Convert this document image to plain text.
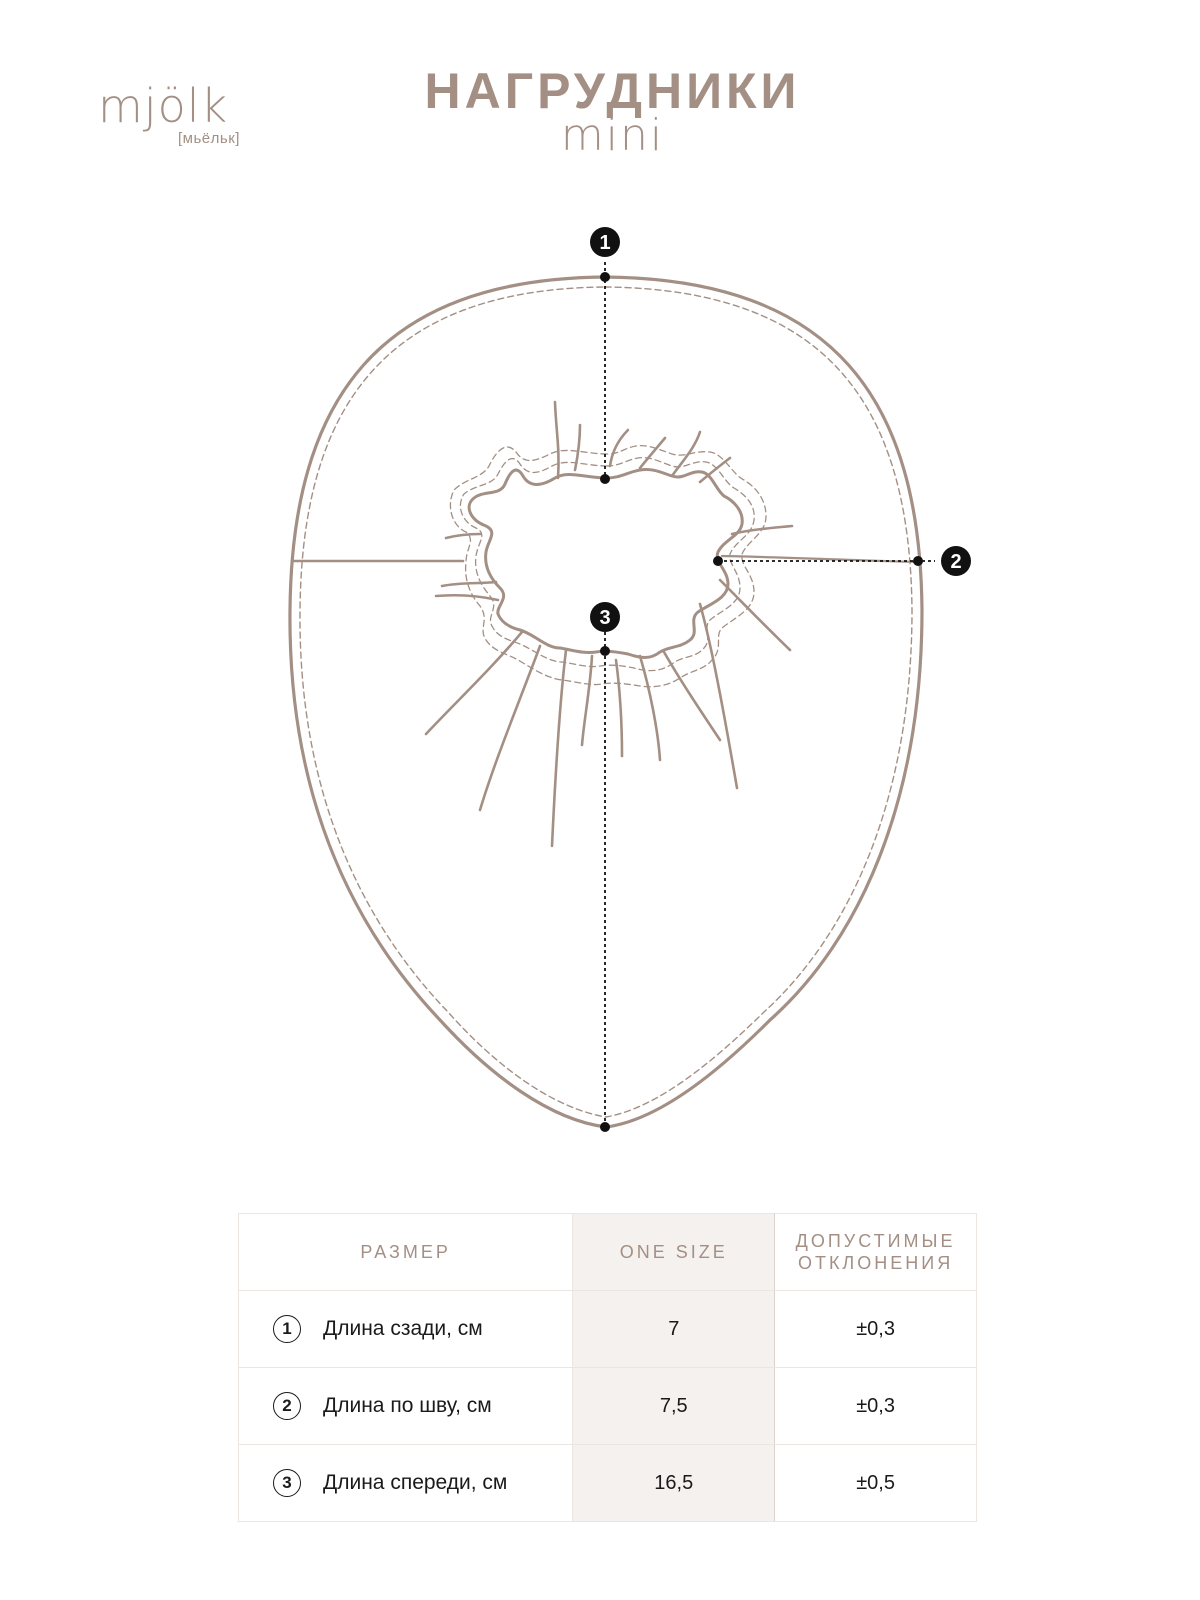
mjölk
[мьёльк]
НАГРУДНИКИ
mini
1
2
3
РАЗМЕР	ONE SIZE	ДОПУСТИМЫЕ
ОТКЛОНЕНИЯ
1 Длина сзади, см	7	±0,3
2 Длина по шву, см	7,5	±0,3
3 Длина спереди, см	16,5	±0,5
